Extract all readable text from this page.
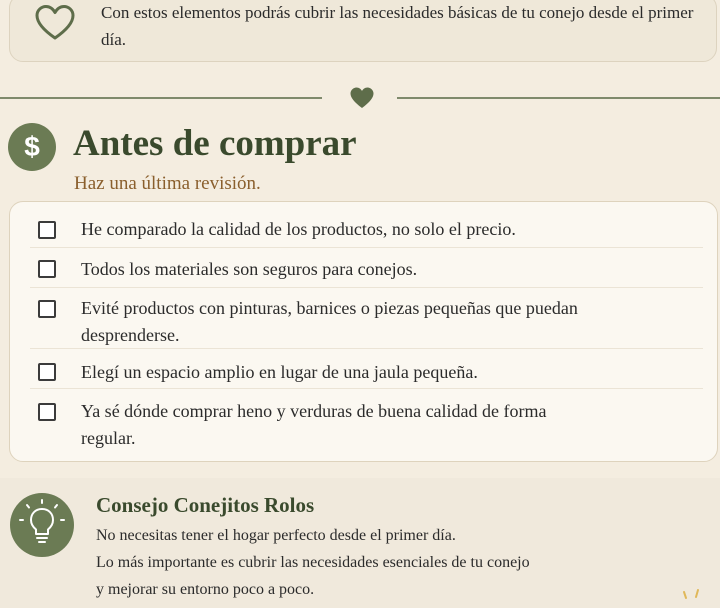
Con estos elementos podrás cubrir las necesidades básicas de tu conejo desde el primer día.
$ Antes de comprar
Haz una última revisión.
He comparado la calidad de los productos, no solo el precio.
Todos los materiales son seguros para conejos.
Evité productos con pinturas, barnices o piezas pequeñas que puedan desprenderse.
Elegí un espacio amplio en lugar de una jaula pequeña.
Ya sé dónde comprar heno y verduras de buena calidad de forma regular.
Consejo Conejitos Rolos
No necesitas tener el hogar perfecto desde el primer día.
Lo más importante es cubrir las necesidades esenciales de tu conejo
y mejorar su entorno poco a poco.
